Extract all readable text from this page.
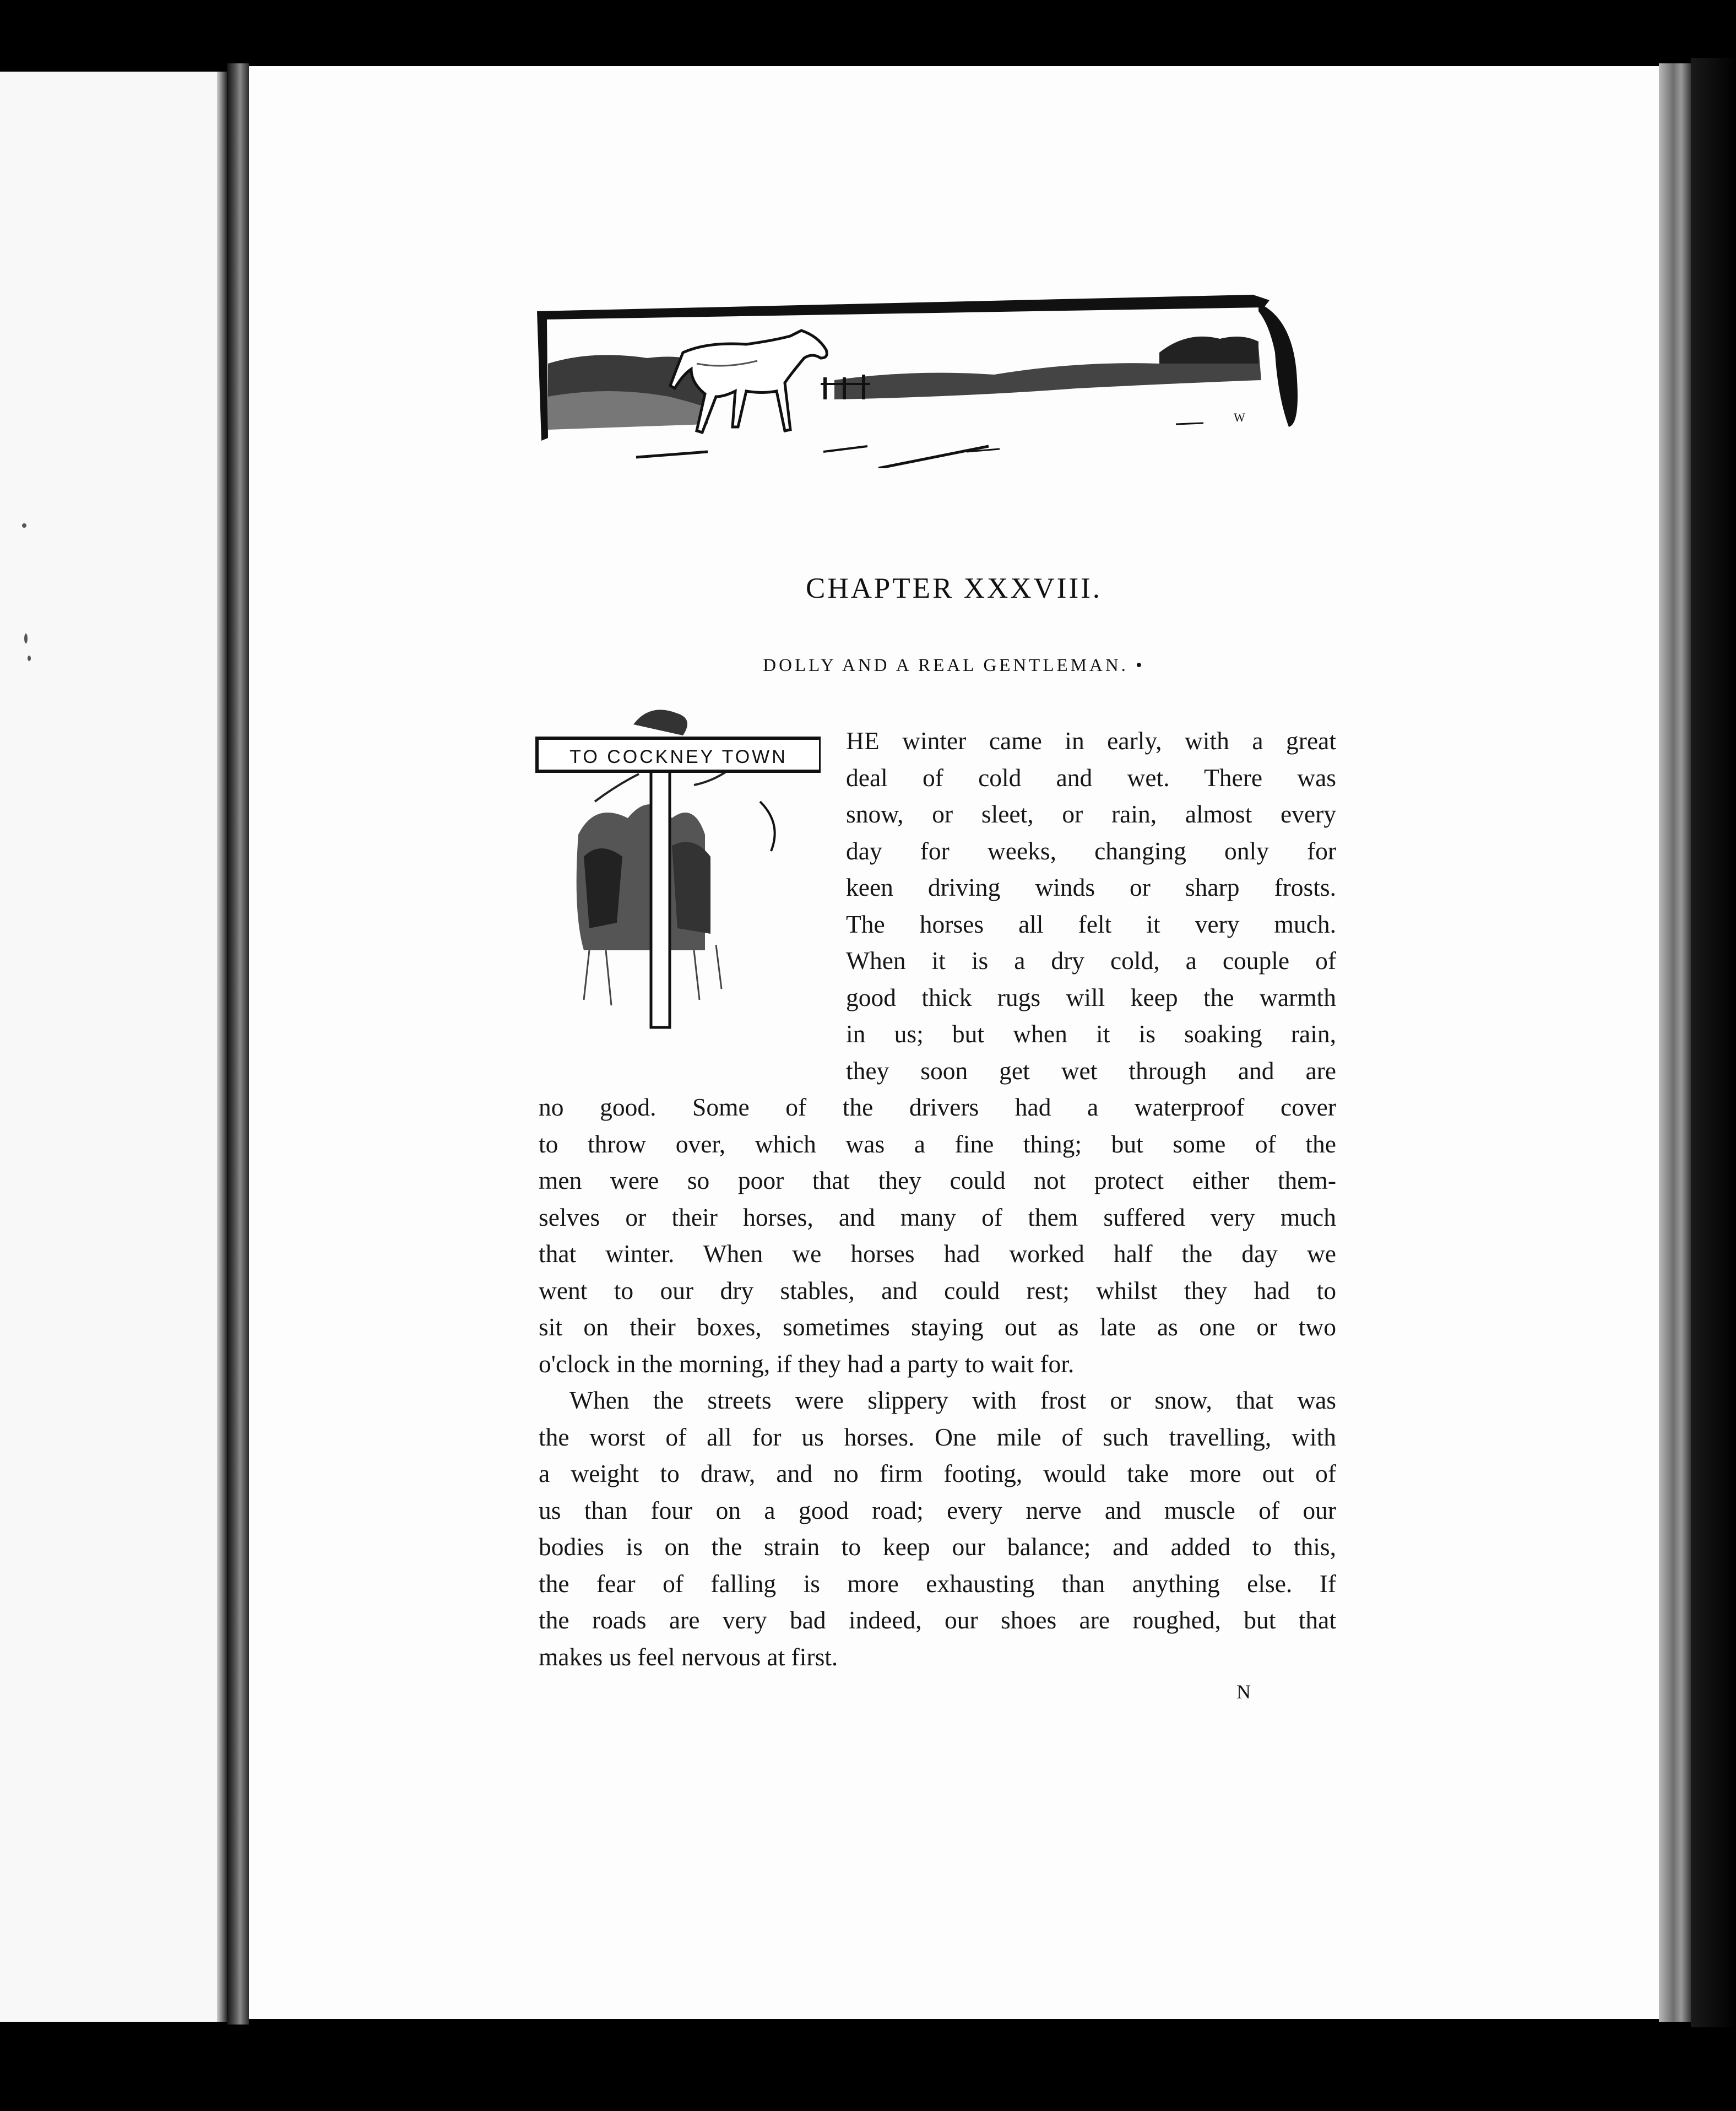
W
CHAPTER XXXVIII.
DOLLY AND A REAL GENTLEMAN. •
TO COCKNEY TOWN
HE winter came in early, with a great
deal of cold and wet. There was
snow, or sleet, or rain, almost every
day for weeks, changing only for
keen driving winds or sharp frosts.
The horses all felt it very much.
When it is a dry cold, a couple of
good thick rugs will keep the warmth
in us; but when it is soaking rain,
they soon get wet through and are
no good. Some of the drivers had a waterproof cover
to throw over, which was a fine thing; but some of the
men were so poor that they could not protect either them-
selves or their horses, and many of them suffered very much
that winter. When we horses had worked half the day we
went to our dry stables, and could rest; whilst they had to
sit on their boxes, sometimes staying out as late as one or two
o'clock in the morning, if they had a party to wait for.
When the streets were slippery with frost or snow, that was
the worst of all for us horses. One mile of such travelling, with
a weight to draw, and no firm footing, would take more out of
us than four on a good road; every nerve and muscle of our
bodies is on the strain to keep our balance; and added to this,
the fear of falling is more exhausting than anything else. If
the roads are very bad indeed, our shoes are roughed, but that
makes us feel nervous at first.
N
